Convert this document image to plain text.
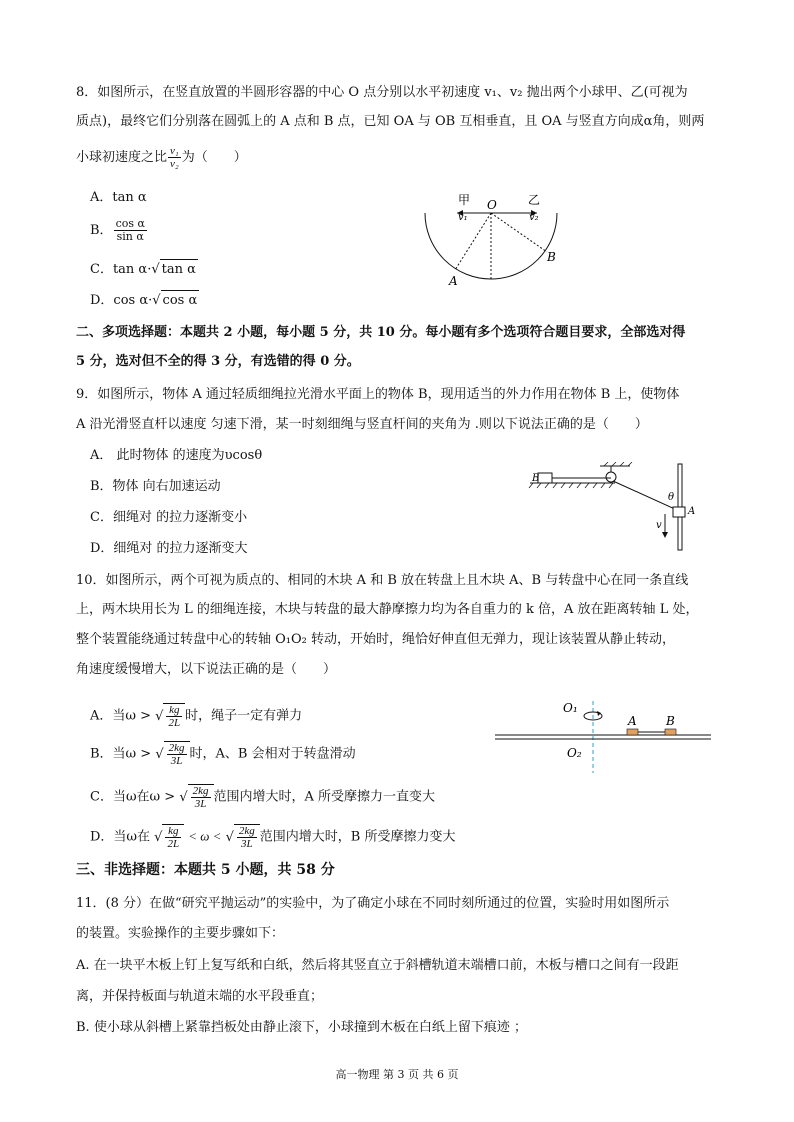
8．如图所示，在竖直放置的半圆形容器的中心 O 点分别以水平初速度 v₁、v₂ 抛出两个小球甲、乙(可视为
质点)，最终它们分别落在圆弧上的 A 点和 B 点，已知 OA 与 OB 互相垂直，且 OA 与竖直方向成α角，则两
小球初速度之比 $\frac{\text{v₁}}{\text{v₂}}$ 为（　　）
A．tan α
B． $\frac{\text{cos α}}{\text{sin α}}$
C．tan α·√ tan α
D．cos α·√ cos α
甲	乙
O
v₁	v₂
A
B
二、多项选择题：本题共 2 小题，每小题 5 分，共 10 分。每小题有多个选项符合题目要求，全部选对得
5 分，选对但不全的得 3 分，有选错的得 0 分。
9．如图所示，物体 A 通过轻质细绳拉光滑水平面上的物体 B，现用适当的外力作用在物体 B 上，使物体
A 沿光滑竖直杆以速度 匀速下滑，某一时刻细绳与竖直杆间的夹角为 .则以下说法正确的是（　　）
A． 此时物体 的速度为υcosθ
B．物体 向右加速运动
C．细绳对 的拉力逐渐变小
D．细绳对 的拉力逐渐变大
B
θ
v
A
10．如图所示，两个可视为质点的、相同的木块 A 和 B 放在转盘上且木块 A、B 与转盘中心在同一条直线
上，两木块用长为 L 的细绳连接，木块与转盘的最大静摩擦力均为各自重力的 k 倍，A 放在距离转轴 L 处，
整个装置能绕通过转盘中心的转轴 O₁O₂ 转动，开始时，绳恰好伸直但无弹力，现让该装置从静止转动，
角速度缓慢增大，以下说法正确的是（　　）
A．当ω > √ $\frac{kg}{2L}$ 时，绳子一定有弹力
B．当ω > √ $\frac{2kg}{3L}$ 时，A、B 会相对于转盘滑动
C．当ω在ω > √ $\frac{2kg}{3L}$ 范围内增大时，A 所受摩擦力一直变大
D．当ω在 √ $\frac{kg}{2L} < \omega$ < √ $\frac{2kg}{3L}$ 范围内增大时，B 所受摩擦力变大
O₁
O₂
A B
三、非选择题：本题共 5 小题，共 58 分
11．(8 分）在做“研究平抛运动”的实验中，为了确定小球在不同时刻所通过的位置，实验时用如图所示
的装置。实验操作的主要步骤如下：
A. 在一块平木板上钉上复写纸和白纸，然后将其竖直立于斜槽轨道末端槽口前，木板与槽口之间有一段距
离，并保持板面与轨道末端的水平段垂直；
B. 使小球从斜槽上紧靠挡板处由静止滚下，小球撞到木板在白纸上留下痕迹 ；
高一物理 第 3 页 共 6 页
